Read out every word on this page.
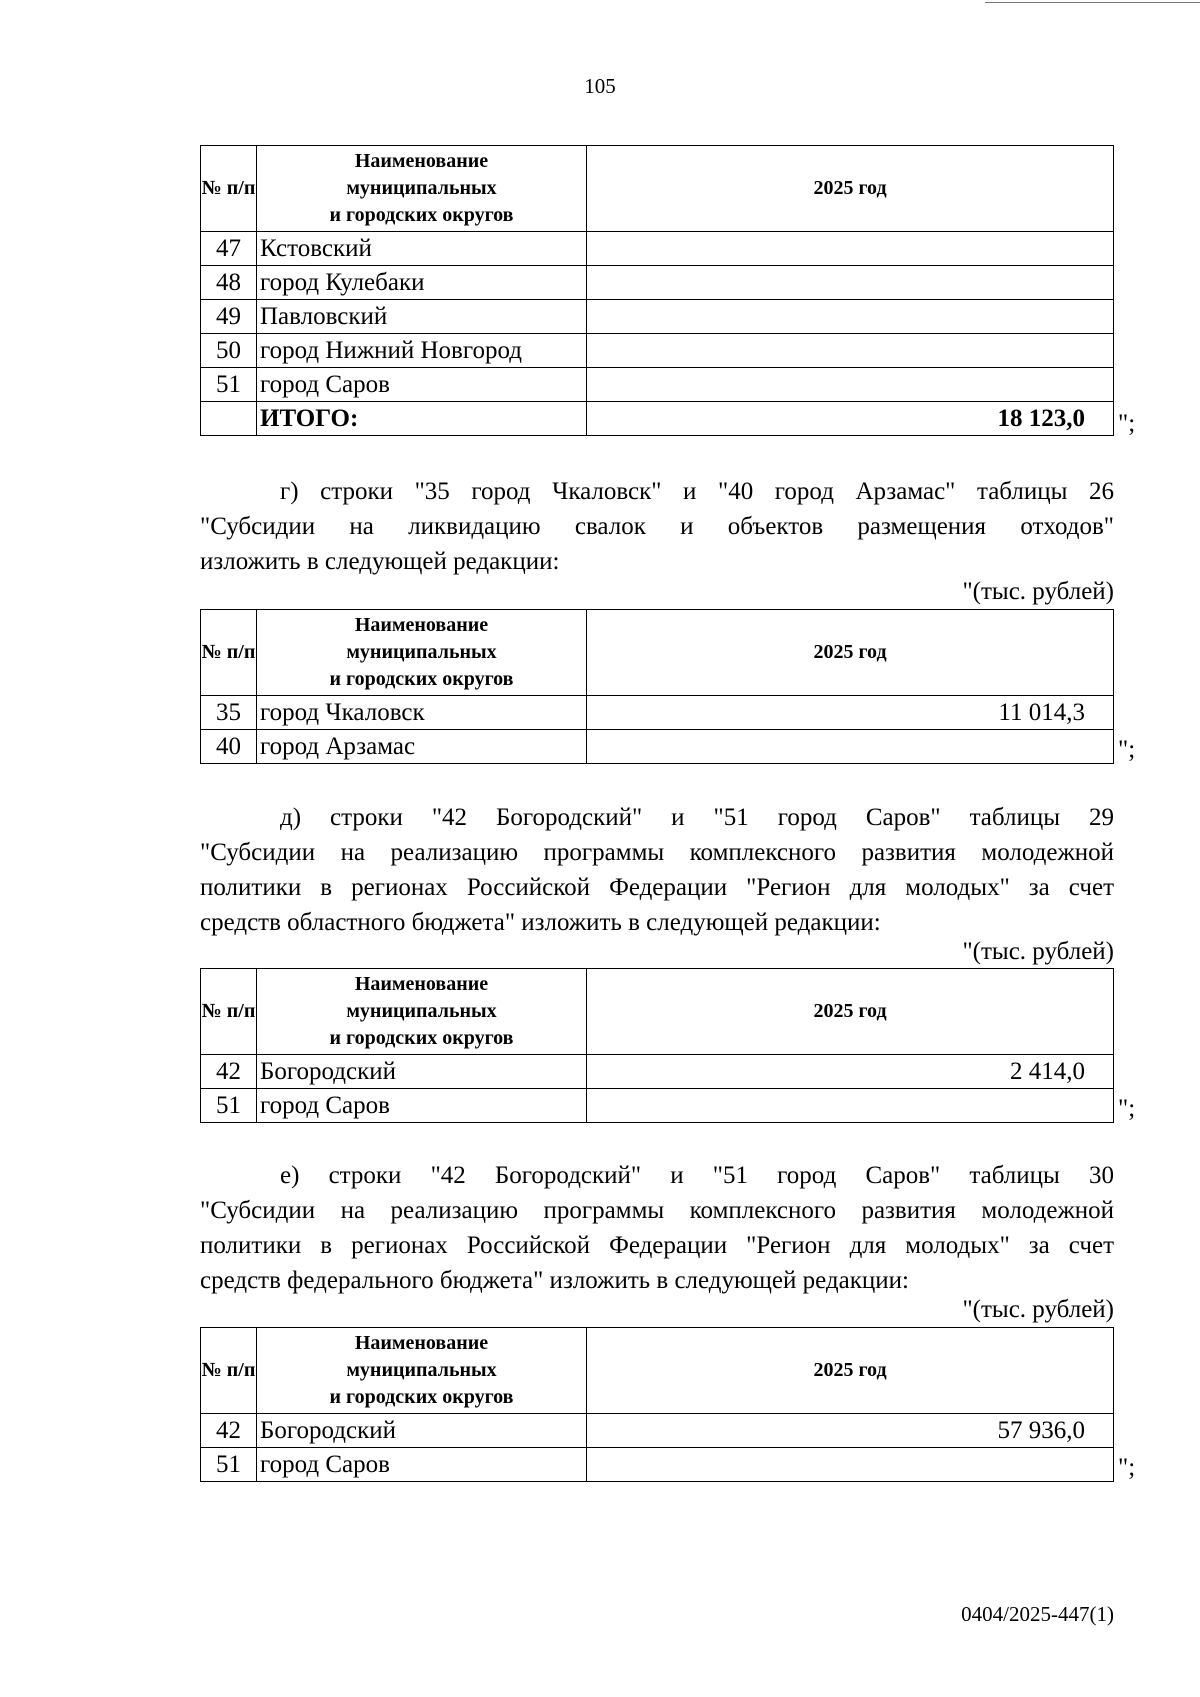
105
№ п/п	Наименование
муниципальных
и городских округов	2025 год
47	Кстовский	
48	город Кулебаки	
49	Павловский	
50	город Нижний Новгород	
51	город Саров	
	ИТОГО:	18 123,0 ";
г) строки "35 город Чкаловск" и "40 город Арзамас" таблицы 26
"Субсидии на ликвидацию свалок и объектов размещения отходов"
изложить в следующей редакции:
"(тыс. рублей)
№ п/п	Наименование
муниципальных
и городских округов	2025 год
35	город Чкаловск	11 014,3
40	город Арзамас		";
д) строки "42 Богородский" и "51 город Саров" таблицы 29
"Субсидии на реализацию программы комплексного развития молодежной
политики в регионах Российской Федерации "Регион для молодых" за счет
средств областного бюджета" изложить в следующей редакции:
"(тыс. рублей)
№ п/п	Наименование
муниципальных
и городских округов	2025 год
42	Богородский	2 414,0
51	город Саров		";
е) строки "42 Богородский" и "51 город Саров" таблицы 30
"Субсидии на реализацию программы комплексного развития молодежной
политики в регионах Российской Федерации "Регион для молодых" за счет
средств федерального бюджета" изложить в следующей редакции:
"(тыс. рублей)
№ п/п	Наименование
муниципальных
и городских округов	2025 год
42	Богородский	57 936,0
51	город Саров		";
0404/2025-447(1)
